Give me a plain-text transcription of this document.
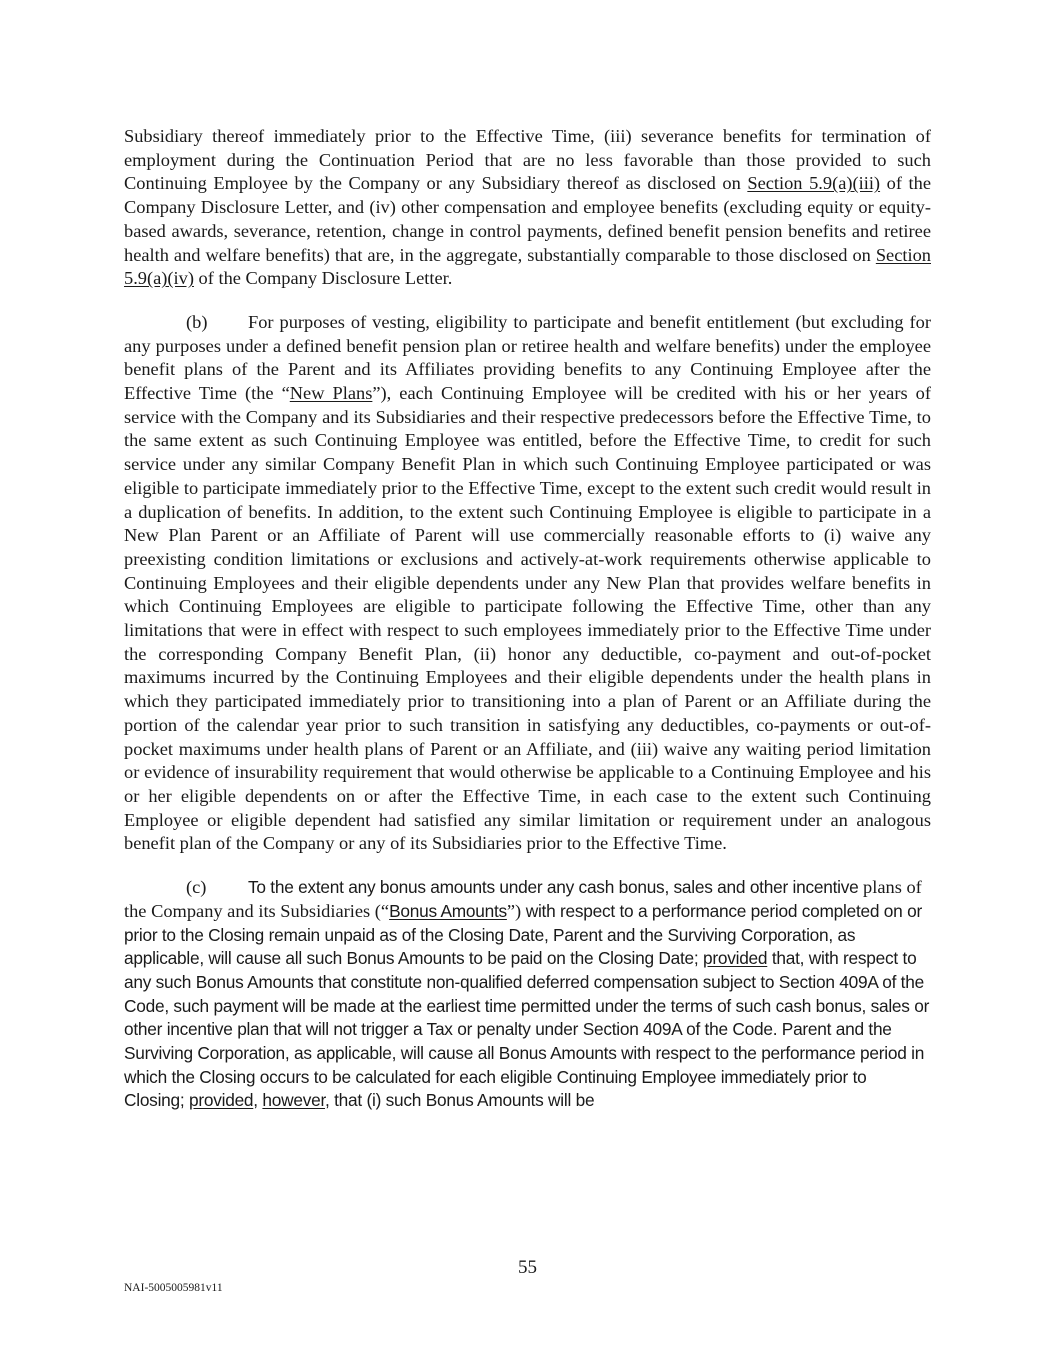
Subsidiary thereof immediately prior to the Effective Time, (iii) severance benefits for termination of employment during the Continuation Period that are no less favorable than those provided to such Continuing Employee by the Company or any Subsidiary thereof as disclosed on Section 5.9(a)(iii) of the Company Disclosure Letter, and (iv) other compensation and employee benefits (excluding equity or equity-based awards, severance, retention, change in control payments, defined benefit pension benefits and retiree health and welfare benefits) that are, in the aggregate, substantially comparable to those disclosed on Section 5.9(a)(iv) of the Company Disclosure Letter.

(b) For purposes of vesting, eligibility to participate and benefit entitlement (but excluding for any purposes under a defined benefit pension plan or retiree health and welfare benefits) under the employee benefit plans of the Parent and its Affiliates providing benefits to any Continuing Employee after the Effective Time (the “New Plans”), each Continuing Employee will be credited with his or her years of service with the Company and its Subsidiaries and their respective predecessors before the Effective Time, to the same extent as such Continuing Employee was entitled, before the Effective Time, to credit for such service under any similar Company Benefit Plan in which such Continuing Employee participated or was eligible to participate immediately prior to the Effective Time, except to the extent such credit would result in a duplication of benefits. In addition, to the extent such Continuing Employee is eligible to participate in a New Plan Parent or an Affiliate of Parent will use commercially reasonable efforts to (i) waive any preexisting condition limitations or exclusions and actively-at-work requirements otherwise applicable to Continuing Employees and their eligible dependents under any New Plan that provides welfare benefits in which Continuing Employees are eligible to participate following the Effective Time, other than any limitations that were in effect with respect to such employees immediately prior to the Effective Time under the corresponding Company Benefit Plan, (ii) honor any deductible, co-payment and out-of-pocket maximums incurred by the Continuing Employees and their eligible dependents under the health plans in which they participated immediately prior to transitioning into a plan of Parent or an Affiliate during the portion of the calendar year prior to such transition in satisfying any deductibles, co-payments or out-of-pocket maximums under health plans of Parent or an Affiliate, and (iii) waive any waiting period limitation or evidence of insurability requirement that would otherwise be applicable to a Continuing Employee and his or her eligible dependents on or after the Effective Time, in each case to the extent such Continuing Employee or eligible dependent had satisfied any similar limitation or requirement under an analogous benefit plan of the Company or any of its Subsidiaries prior to the Effective Time.

(c) To the extent any bonus amounts under any cash bonus, sales and other incentive plans of the Company and its Subsidiaries (“Bonus Amounts”) with respect to a performance period completed on or prior to the Closing remain unpaid as of the Closing Date, Parent and the Surviving Corporation, as applicable, will cause all such Bonus Amounts to be paid on the Closing Date; provided that, with respect to any such Bonus Amounts that constitute non-qualified deferred compensation subject to Section 409A of the Code, such payment will be made at the earliest time permitted under the terms of such cash bonus, sales or other incentive plan that will not trigger a Tax or penalty under Section 409A of the Code. Parent and the Surviving Corporation, as applicable, will cause all Bonus Amounts with respect to the performance period in which the Closing occurs to be calculated for each eligible Continuing Employee immediately prior to Closing; provided, however, that (i) such Bonus Amounts will be

55
NAI-5005005981v11
